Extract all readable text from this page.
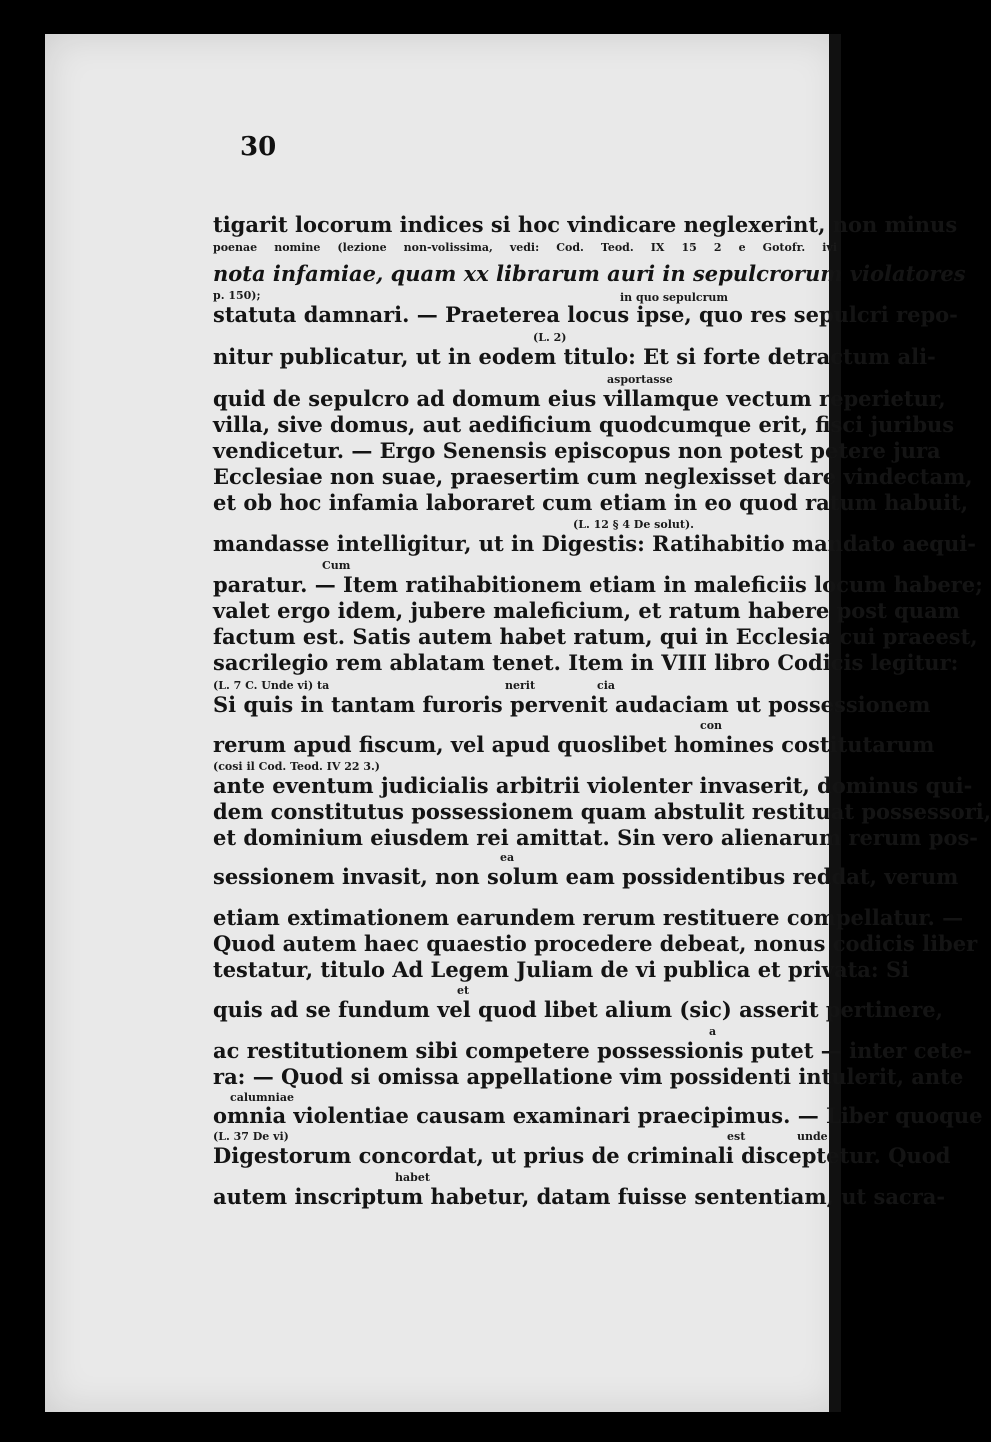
30
tigarit locorum indices si hoc vindicare neglexerint, non minus
nota infamiae, quam xx librarum auri in sepulcrorum violatores
statuta damnari. — Praeterea locus ipse, quo res sepulcri repo-
nitur publicatur, ut in eodem titulo: Et si forte detractum ali-
quid de sepulcro ad domum eius villamque vectum reperietur,
villa, sive domus, aut aedificium quodcumque erit, fisci juribus
vendicetur. — Ergo Senensis episcopus non potest petere jura
Ecclesiae non suae, praesertim cum neglexisset dare vindectam,
et ob hoc infamia laboraret cum etiam in eo quod ratum habuit,
mandasse intelligitur, ut in Digestis: Ratihabitio mandato aequi-
paratur. — Item ratihabitionem etiam in maleficiis locum habere;
valet ergo idem, jubere maleficium, et ratum habere post quam
factum est. Satis autem habet ratum, qui in Ecclesia cui praeest,
sacrilegio rem ablatam tenet. Item in VIII libro Codicis legitur:
Si quis in tantam furoris pervenit audaciam ut possessionem
rerum apud fiscum, vel apud quoslibet homines costitutarum
ante eventum judicialis arbitrii violenter invaserit, dominus qui-
dem constitutus possessionem quam abstulit restituat possessori,
et dominium eiusdem rei amittat. Sin vero alienarum rerum pos-
sessionem invasit, non solum eam possidentibus reddat, verum
etiam extimationem earundem rerum restituere compellatur. —
Quod autem haec quaestio procedere debeat, nonus codicis liber
testatur, titulo Ad Legem Juliam de vi publica et privata: Si
quis ad se fundum vel quod libet alium (sic) asserit pertinere,
ac restitutionem sibi competere possessionis putet — inter cete-
ra: — Quod si omissa appellatione vim possidenti intulerit, ante
omnia violentiae causam examinari praecipimus. — Liber quoque
Digestorum concordat, ut prius de criminali disceptetur. Quod
autem inscriptum habetur, datam fuisse sententiam, ut sacra-
poenae nomine (lezione non-volissima, vedi: Cod. Teod. IX 15 2 e Gotofr. ivi
p. 150);	in quo sepulcrum
(L. 2)
asportasse
(L. 12 § 4 De solut).
Cum
(L. 7 C. Unde vi) ta	nerit	cia
con
(cosi il Cod. Teod. IV 22 3.)
ea
et
a
calumniae
(L. 37 De vi)	est	unde
habet
